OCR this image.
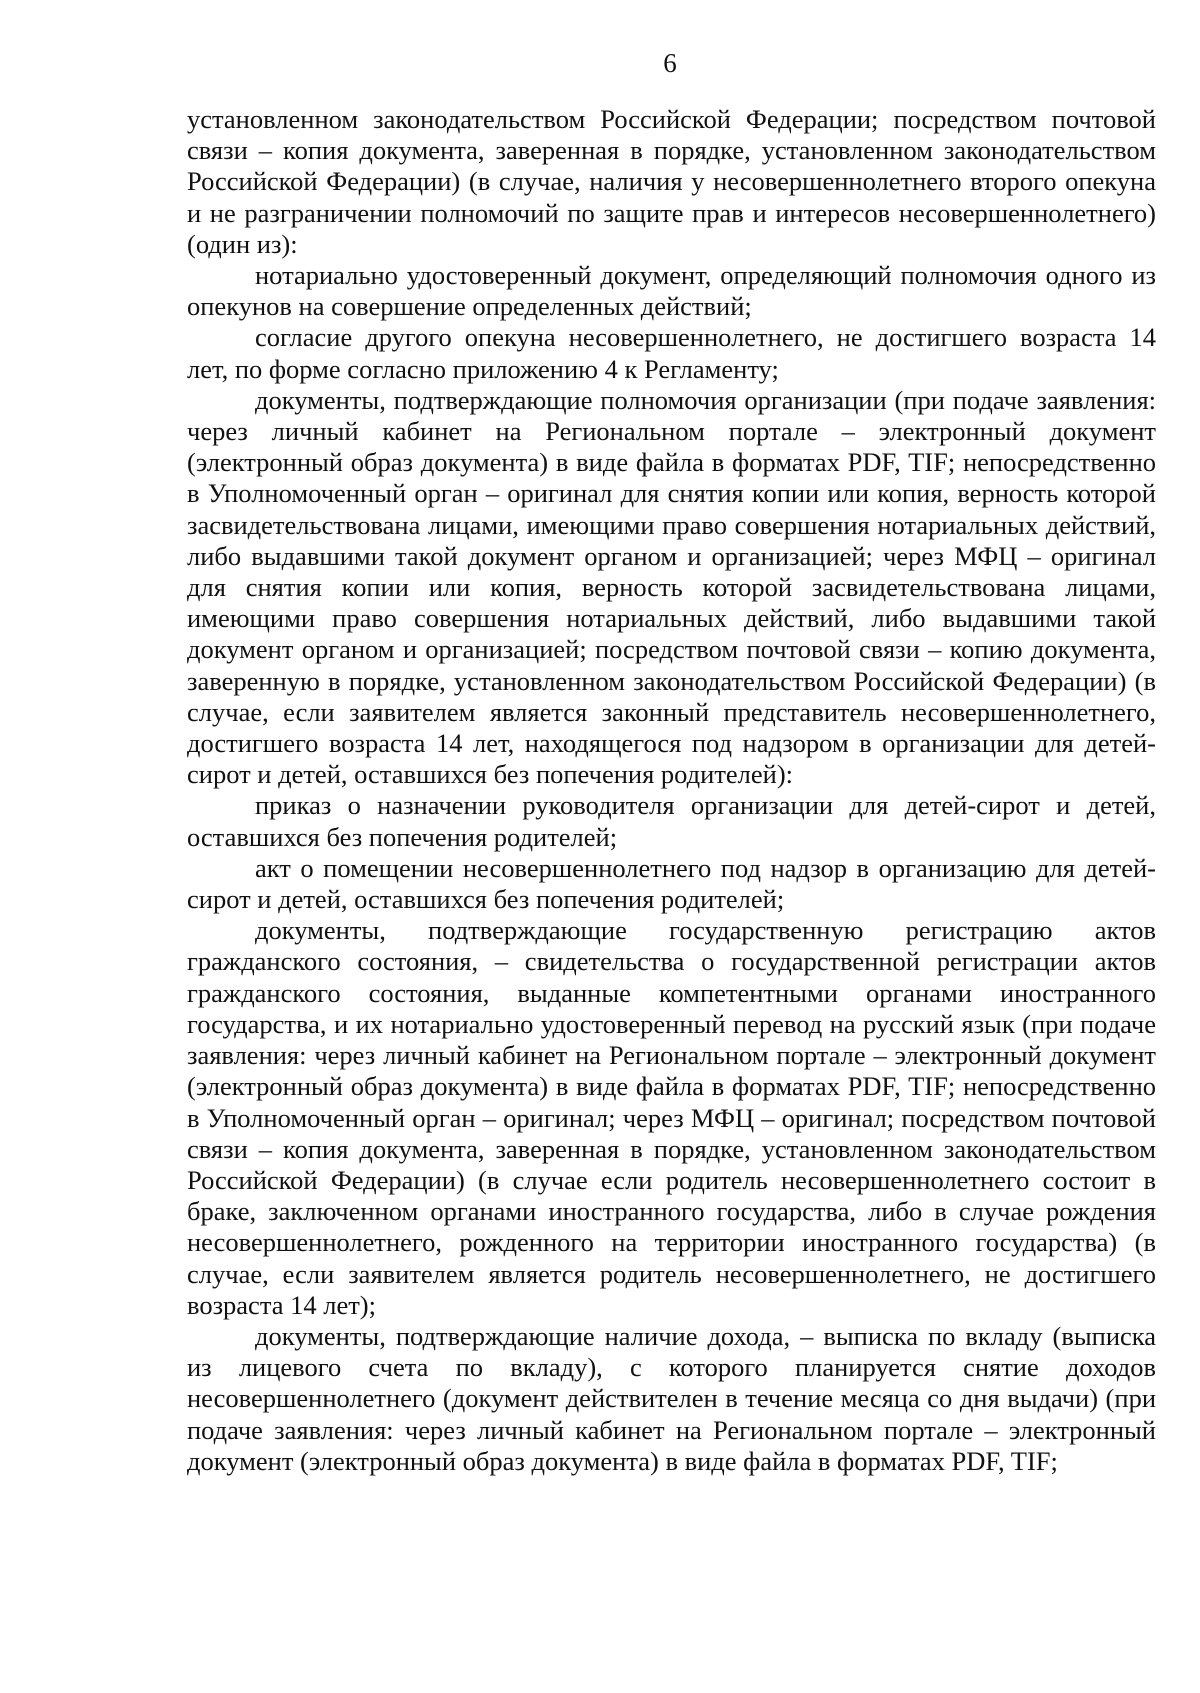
6

установленном законодательством Российской Федерации; посредством почтовой связи – копия документа, заверенная в порядке, установленном законодательством Российской Федерации) (в случае, наличия у несовершеннолетнего второго опекуна и не разграничении полномочий по защите прав и интересов несовершеннолетнего) (один из):

нотариально удостоверенный документ, определяющий полномочия одного из опекунов на совершение определенных действий;

согласие другого опекуна несовершеннолетнего, не достигшего возраста 14 лет, по форме согласно приложению 4 к Регламенту;

документы, подтверждающие полномочия организации (при подаче заявления: через личный кабинет на Региональном портале – электронный документ (электронный образ документа) в виде файла в форматах PDF, TIF; непосредственно в Уполномоченный орган – оригинал для снятия копии или копия, верность которой засвидетельствована лицами, имеющими право совершения нотариальных действий, либо выдавшими такой документ органом и организацией; через МФЦ – оригинал для снятия копии или копия, верность которой засвидетельствована лицами, имеющими право совершения нотариальных действий, либо выдавшими такой документ органом и организацией; посредством почтовой связи – копию документа, заверенную в порядке, установленном законодательством Российской Федерации) (в случае, если заявителем является законный представитель несовершеннолетнего, достигшего возраста 14 лет, находящегося под надзором в организации для детей-сирот и детей, оставшихся без попечения родителей):

приказ о назначении руководителя организации для детей-сирот и детей, оставшихся без попечения родителей;

акт о помещении несовершеннолетнего под надзор в организацию для детей-сирот и детей, оставшихся без попечения родителей;

документы, подтверждающие государственную регистрацию актов гражданского состояния, – свидетельства о государственной регистрации актов гражданского состояния, выданные компетентными органами иностранного государства, и их нотариально удостоверенный перевод на русский язык (при подаче заявления: через личный кабинет на Региональном портале – электронный документ (электронный образ документа) в виде файла в форматах PDF, TIF; непосредственно в Уполномоченный орган – оригинал; через МФЦ – оригинал; посредством почтовой связи – копия документа, заверенная в порядке, установленном законодательством Российской Федерации) (в случае если родитель несовершеннолетнего состоит в браке, заключенном органами иностранного государства, либо в случае рождения несовершеннолетнего, рожденного на территории иностранного государства) (в случае, если заявителем является родитель несовершеннолетнего, не достигшего возраста 14 лет);

документы, подтверждающие наличие дохода, – выписка по вкладу (выписка из лицевого счета по вкладу), с которого планируется снятие доходов несовершеннолетнего (документ действителен в течение месяца со дня выдачи) (при подаче заявления: через личный кабинет на Региональном портале – электронный документ (электронный образ документа) в виде файла в форматах PDF, TIF;
